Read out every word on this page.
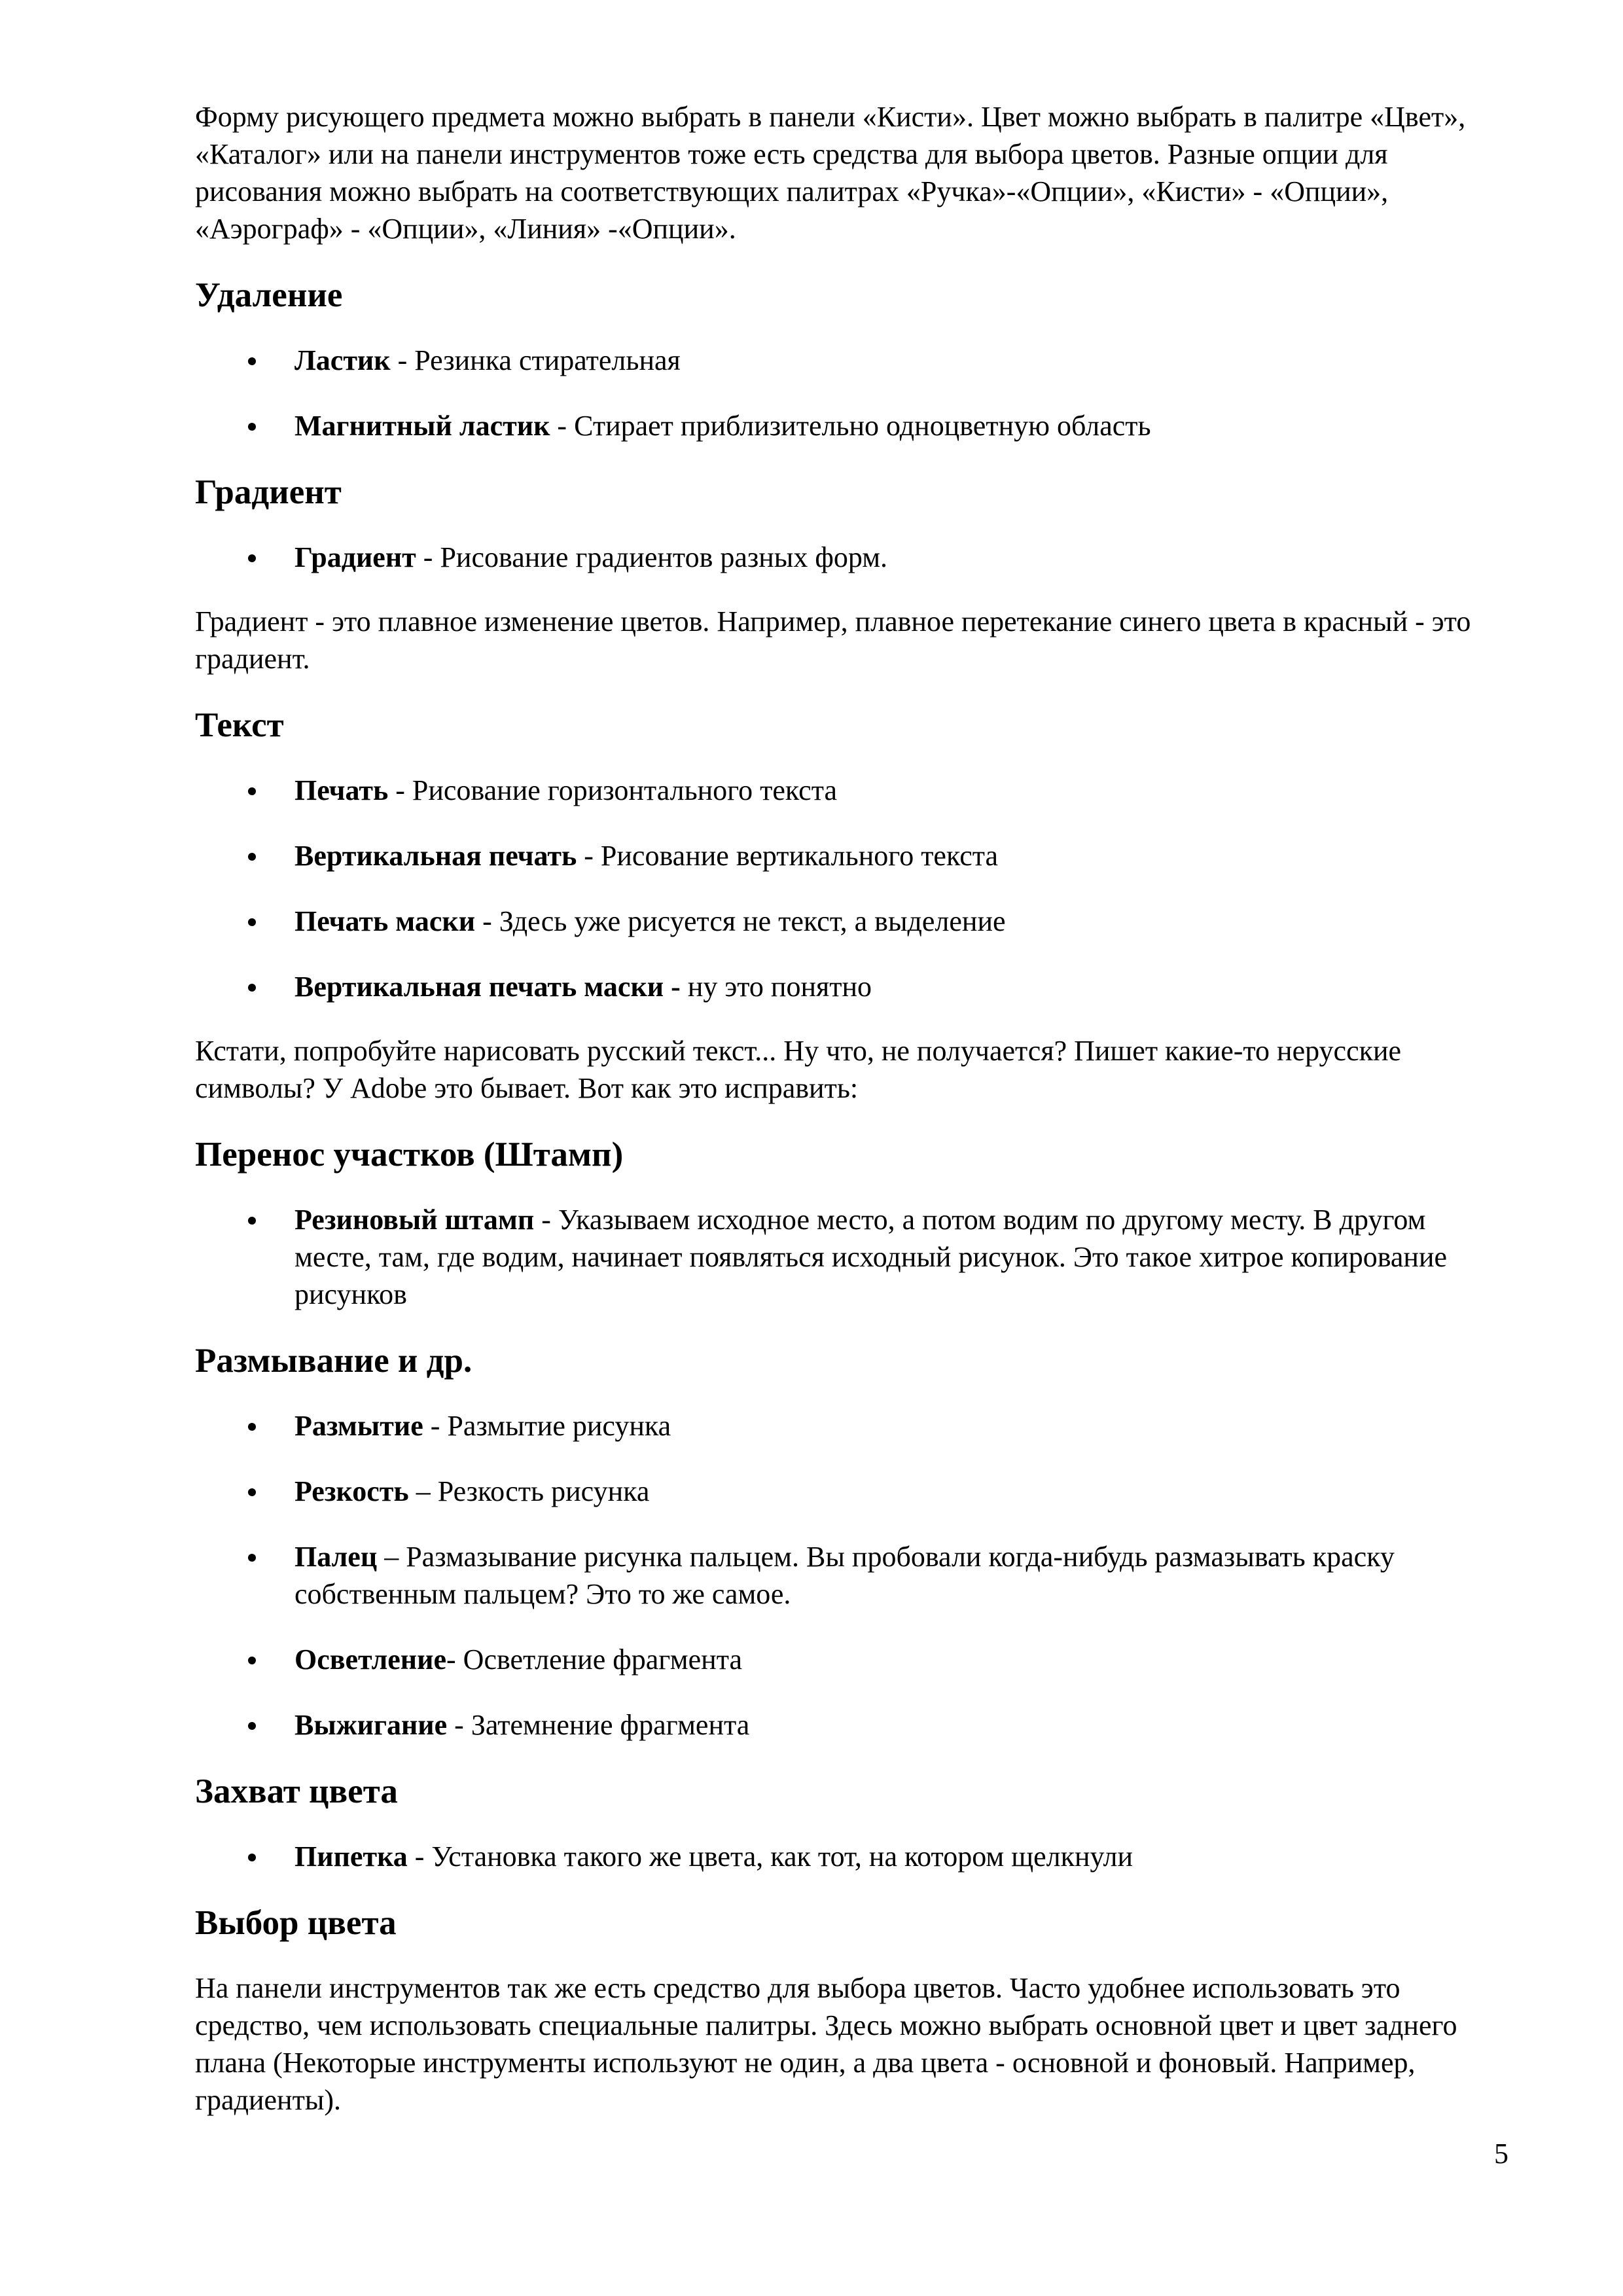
Форму рисующего предмета можно выбрать в панели «Кисти». Цвет можно выбрать в палитре «Цвет», «Каталог» или на панели инструментов тоже есть средства для выбора цветов. Разные опции для рисования можно выбрать на соответствующих палитрах «Ручка»-«Опции», «Кисти» - «Опции», «Аэрограф» - «Опции», «Линия» -«Опции».

Удаление
Ластик - Резинка стирательная
Магнитный ластик - Стирает приблизительно одноцветную область
Градиент
Градиент - Рисование градиентов разных форм.

Градиент - это плавное изменение цветов. Например, плавное перетекание синего цвета в красный - это градиент.

Текст
Печать - Рисование горизонтального текста
Вертикальная печать - Рисование вертикального текста
Печать маски - Здесь уже рисуется не текст, а выделение
Вертикальная печать маски - ну это понятно

Кстати, попробуйте нарисовать русский текст... Ну что, не получается? Пишет какие-то нерусские символы? У Adobe это бывает. Вот как это исправить:

Перенос участков (Штамп)
Резиновый штамп - Указываем исходное место, а потом водим по другому месту. В другом месте, там, где водим, начинает появляться исходный рисунок. Это такое хитрое копирование рисунков
Размывание и др.
Размытие - Размытие рисунка
Резкость – Резкость рисунка
Палец – Размазывание рисунка пальцем. Вы пробовали когда-нибудь размазывать краску собственным пальцем? Это то же самое.
Осветление- Осветление фрагмента
Выжигание - Затемнение фрагмента
Захват цвета
Пипетка - Установка такого же цвета, как тот, на котором щелкнули
Выбор цвета

На панели инструментов так же есть средство для выбора цветов. Часто удобнее использовать это средство, чем использовать специальные палитры. Здесь можно выбрать основной цвет и цвет заднего плана (Некоторые инструменты используют не один, а два цвета - основной и фоновый. Например, градиенты).

5
